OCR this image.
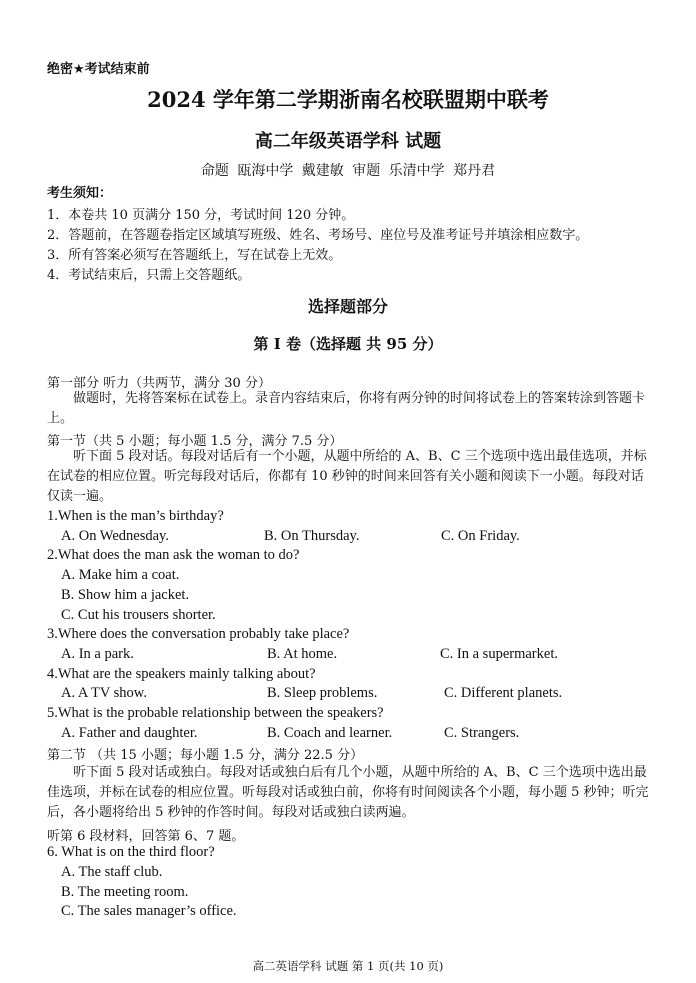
绝密★考试结束前
2024 学年第二学期浙南名校联盟期中联考
高二年级英语学科 试题
命题 瓯海中学 戴建敏 审题 乐清中学 郑丹君
考生须知：
1．本卷共 10 页满分 150 分，考试时间 120 分钟。
2．答题前，在答题卷指定区域填写班级、姓名、考场号、座位号及准考证号并填涂相应数字。
3．所有答案必须写在答题纸上，写在试卷上无效。
4．考试结束后，只需上交答题纸。
选择题部分
第 I 卷（选择题 共 95 分）
第一部分 听力（共两节，满分 30 分）
做题时，先将答案标在试卷上。录音内容结束后，你将有两分钟的时间将试卷上的答案转涂到答题卡上。
第一节（共 5 小题；每小题 1.5 分，满分 7.5 分）
听下面 5 段对话。每段对话后有一个小题，从题中所给的 A、B、C 三个选项中选出最佳选项，并标在试卷的相应位置。听完每段对话后，你都有 10 秒钟的时间来回答有关小题和阅读下一小题。每段对话仅读一遍。
1.When is the man’s birthday?
A. On Wednesday.	B. On Thursday.	C. On Friday.
2.What does the man ask the woman to do?
A. Make him a coat.
B. Show him a jacket.
C. Cut his trousers shorter.
3.Where does the conversation probably take place?
A. In a park.	B. At home.	C. In a supermarket.
4.What are the speakers mainly talking about?
A. A TV show.	B. Sleep problems.	C. Different planets.
5.What is the probable relationship between the speakers?
A. Father and daughter.	B. Coach and learner.	C. Strangers.
第二节 （共 15 小题；每小题 1.5 分，满分 22.5 分）
听下面 5 段对话或独白。每段对话或独白后有几个小题，从题中所给的 A、B、C 三个选项中选出最佳选项，并标在试卷的相应位置。听每段对话或独白前，你将有时间阅读各个小题，每小题 5 秒钟；听完后，各小题将给出 5 秒钟的作答时间。每段对话或独白读两遍。
听第 6 段材料，回答第 6、7 题。
6. What is on the third floor?
A. The staff club.
B. The meeting room.
C. The sales manager’s office.
高二英语学科 试题 第 1 页(共 10 页)
